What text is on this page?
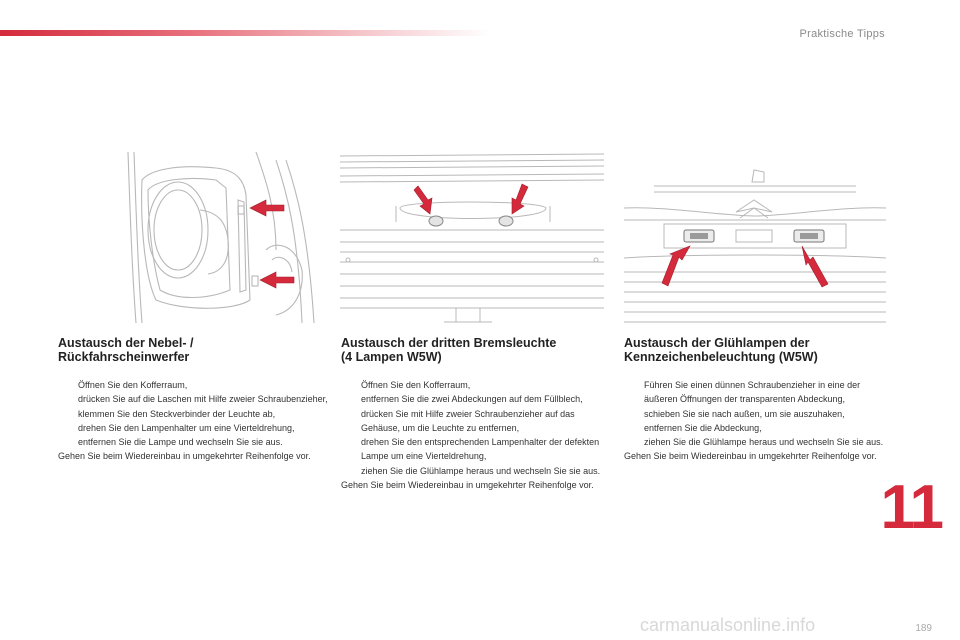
Praktische Tipps
Austausch der Nebel- /
Rückfahrscheinwerfer
Öffnen Sie den Kofferraum,
drücken Sie auf die Laschen mit Hilfe zweier Schraubenzieher,
klemmen Sie den Steckverbinder der Leuchte ab,
drehen Sie den Lampenhalter um eine Vierteldrehung,
entfernen Sie die Lampe und wechseln Sie sie aus.

Gehen Sie beim Wiedereinbau in umgekehrter Reihenfolge vor.

Austausch der dritten Bremsleuchte
(4 Lampen W5W)
Öffnen Sie den Kofferraum,
entfernen Sie die zwei Abdeckungen auf dem Füllblech,
drücken Sie mit Hilfe zweier Schraubenzieher auf das Gehäuse, um die Leuchte zu entfernen,
drehen Sie den entsprechenden Lampenhalter der defekten Lampe um eine Vierteldrehung,
ziehen Sie die Glühlampe heraus und wechseln Sie sie aus.

Gehen Sie beim Wiedereinbau in umgekehrter Reihenfolge vor.

Austausch der Glühlampen der
Kennzeichenbeleuchtung (W5W)
Führen Sie einen dünnen Schraubenzieher in eine der äußeren Öffnungen der transparenten Abdeckung,
schieben Sie sie nach außen, um sie auszuhaken,
entfernen Sie die Abdeckung,
ziehen Sie die Glühlampe heraus und wechseln Sie sie aus.

Gehen Sie beim Wiedereinbau in umgekehrter Reihenfolge vor.

11
189
carmanualsonline.info
